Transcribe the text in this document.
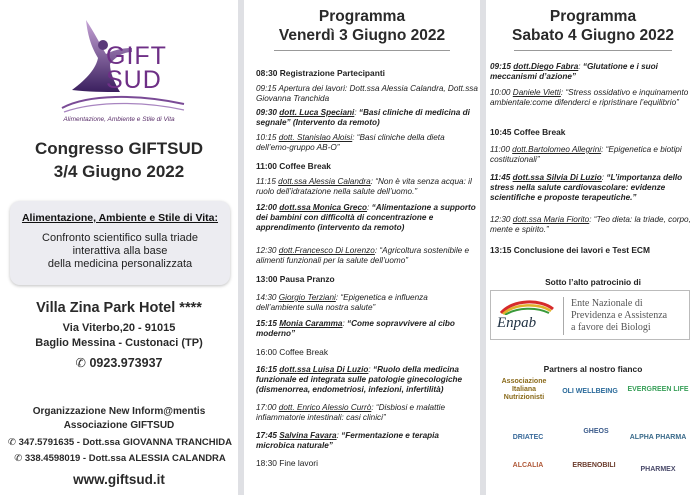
GIFT
SUD
Alimentazione, Ambiente e Stile di Vita
Congresso GIFTSUD
3/4 Giugno 2022
Alimentazione, Ambiente e Stile di Vita:
Confronto scientifico sulla triade
interattiva alla base
della medicina personalizzata
Villa Zina Park Hotel ****
Via Viterbo,20 - 91015
Baglio Messina - Custonaci (TP)
✆ 0923.973937
Organizzazione New Inform@mentis
Associazione GIFTSUD
✆ 347.5791635 - Dott.ssa GIOVANNA TRANCHIDA
✆ 338.4598019 - Dott.ssa ALESSIA CALANDRA
www.giftsud.it
Programma
Venerdì 3 Giugno 2022
08:30 Registrazione Partecipanti
09:15 Apertura dei lavori: Dott.ssa Alessia Calandra, Dott.ssa Giovanna Tranchida
09:30 dott. Luca Speciani: “Basi cliniche di medicina di segnale” (Intervento da remoto)
10:15 dott. Stanislao Aloisi: “Basi cliniche della dieta dell’emo-gruppo AB-O”
11:00 Coffee Break
11:15 dott.ssa Alessia Calandra: “Non è vita senza acqua: il ruolo dell’idratazione nella salute dell’uomo.”
12:00 dott.ssa Monica Greco: “Alimentazione a supporto dei bambini con difficoltà di concentrazione e apprendimento (intervento da remoto)
12:30 dott.Francesco Di Lorenzo: “Agricoltura sostenibile e alimenti funzionali per la salute dell’uomo”
13:00 Pausa Pranzo
14:30 Giorgio Terziani: “Epigenetica e influenza dell’ambiente sulla nostra salute”
15:15 Monia Caramma: “Come sopravvivere al cibo moderno”
16:00 Coffee Break
16:15 dott.ssa Luisa Di Luzio: “Ruolo della medicina funzionale ed integrata sulle patologie ginecologiche (dismenorrea, endometriosi, infezioni, infertilità)
17:00 dott. Enrico Alessio Currò: “Disbiosi e malattie infiammatorie intestinali: casi clinici”
17:45 Salvina Favara: “Fermentazione e terapia microbica naturale”
18:30 Fine lavori
Programma
Sabato 4 Giugno 2022
09:15 dott.Diego Fabra: “Glutatione e i suoi meccanismi d’azione”
10:00 Daniele Vietti: “Stress ossidativo e inquinamento ambientale:come difenderci e ripristinare l’equilibrio”
10:45 Coffee Break
11:00 dott.Bartolomeo Allegrini: “Epigenetica e biotipi costituzionali”
11:45 dott.ssa Silvia Di Luzio: “L’importanza dello stress nella salute cardiovascolare: evidenze scientifiche e proposte terapeutiche.”
12:30 dott.ssa Maria Fiorito: “Teo dieta: la triade, corpo, mente e spirito.”
13:15 Conclusione dei lavori e Test ECM
Sotto l’alto patrocinio di
Enpab
Ente Nazionale di
Previdenza e Assistenza
a favore dei Biologi
Partners al nostro fianco
Associazione Italiana Nutrizionisti
OLI WELLBEING	EVERGREEN LIFE
DRIATEC
GHEOS
ALPHA PHARMA
ALCALIA	ERBENOBILI
PHARMEX
